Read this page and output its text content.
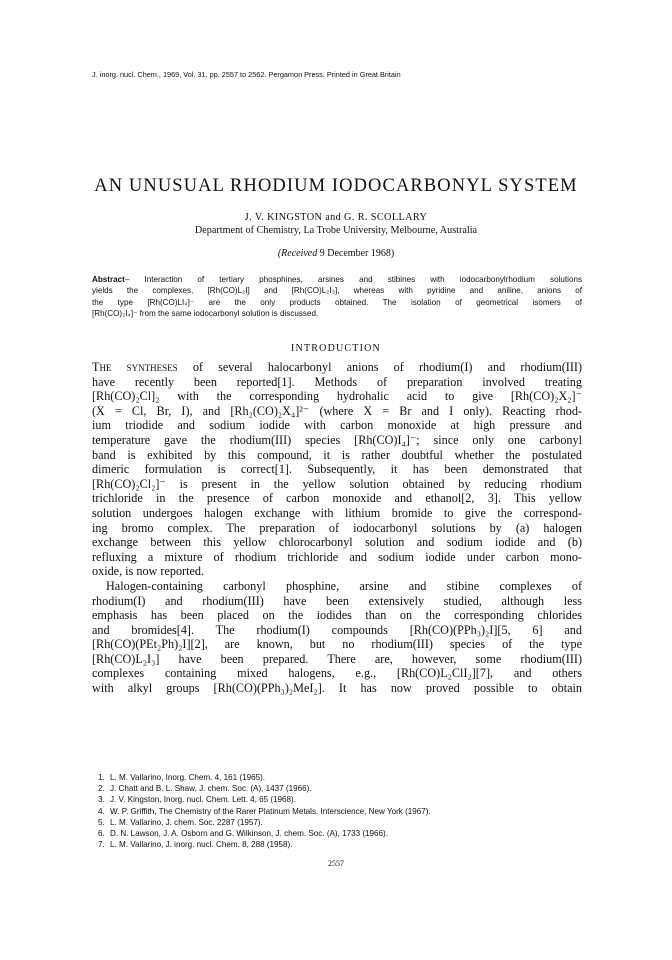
J. inorg. nucl. Chem., 1969, Vol. 31, pp. 2557 to 2562. Pergamon Press. Printed in Great Britain
AN UNUSUAL RHODIUM IODOCARBONYL SYSTEM
J. V. KINGSTON and G. R. SCOLLARY
Department of Chemistry, La Trobe University, Melbourne, Australia
(Received 9 December 1968)
Abstract– Interaction of tertiary phosphines, arsines and stibines with iodocarbonylrhodium solutions
yields the complexes, [Rh(CO)L₂I] and [Rh(CO)L₂I₃], whereas with pyridine and aniline, anions of
the type [Rh(CO)LI₄]⁻ are the only products obtained. The isolation of geometrical isomers of
[Rh(CO)₂I₄]⁻ from the same iodocarbonyl solution is discussed.
INTRODUCTION
The syntheses of several halocarbonyl anions of rhodium(I) and rhodium(III)
have recently been reported[1]. Methods of preparation involved treating
[Rh(CO)₂Cl]₂ with the corresponding hydrohalic acid to give [Rh(CO)₂X₂]⁻
(X = Cl, Br, I), and [Rh₂(CO)₂X₄]²⁻ (where X = Br and I only). Reacting rhod-
ium triodide and sodium iodide with carbon monoxide at high pressure and
temperature gave the rhodium(III) species [Rh(CO)I₄]⁻; since only one carbonyl
band is exhibited by this compound, it is rather doubtful whether the postulated
dimeric formulation is correct[1]. Subsequently, it has been demonstrated that
[Rh(CO)₂Cl₂]⁻ is present in the yellow solution obtained by reducing rhodium
trichloride in the presence of carbon monoxide and ethanol[2, 3]. This yellow
solution undergoes halogen exchange with lithium bromide to give the correspond-
ing bromo complex. The preparation of iodocarbonyl solutions by (a) halogen
exchange between this yellow chlorocarbonyl solution and sodium iodide and (b)
refluxing a mixture of rhodium trichloride and sodium iodide under carbon mono-
oxide, is now reported.
Halogen-containing carbonyl phosphine, arsine and stibine complexes of
rhodium(I) and rhodium(III) have been extensively studied, although less
emphasis has been placed on the iodides than on the corresponding chlorides
and bromides[4]. The rhodium(I) compounds [Rh(CO)(PPh₃)₂I][5, 6] and
[Rh(CO)(PEt₂Ph)₂I][2], are known, but no rhodium(III) species of the type
[Rh(CO)L₂I₃] have been prepared. There are, however, some rhodium(III)
complexes containing mixed halogens, e.g., [Rh(CO)L₂ClI₂][7], and others
with alkyl groups [Rh(CO)(PPh₃)₂MeI₂]. It has now proved possible to obtain
1. L. M. Vallarino, Inorg. Chem. 4, 161 (1965).
2. J. Chatt and B. L. Shaw, J. chem. Soc. (A), 1437 (1966).
3. J. V. Kingston, Inorg. nucl. Chem. Lett. 4, 65 (1968).
4. W. P. Griffith, The Chemistry of the Rarer Platinum Metals. Interscience, New York (1967).
5. L. M. Vallarino, J. chem. Soc. 2287 (1957).
6. D. N. Lawson, J. A. Osborn and G. Wilkinson, J. chem. Soc. (A), 1733 (1966).
7. L. M. Vallarino, J. inorg. nucl. Chem. 8, 288 (1958).
2557
